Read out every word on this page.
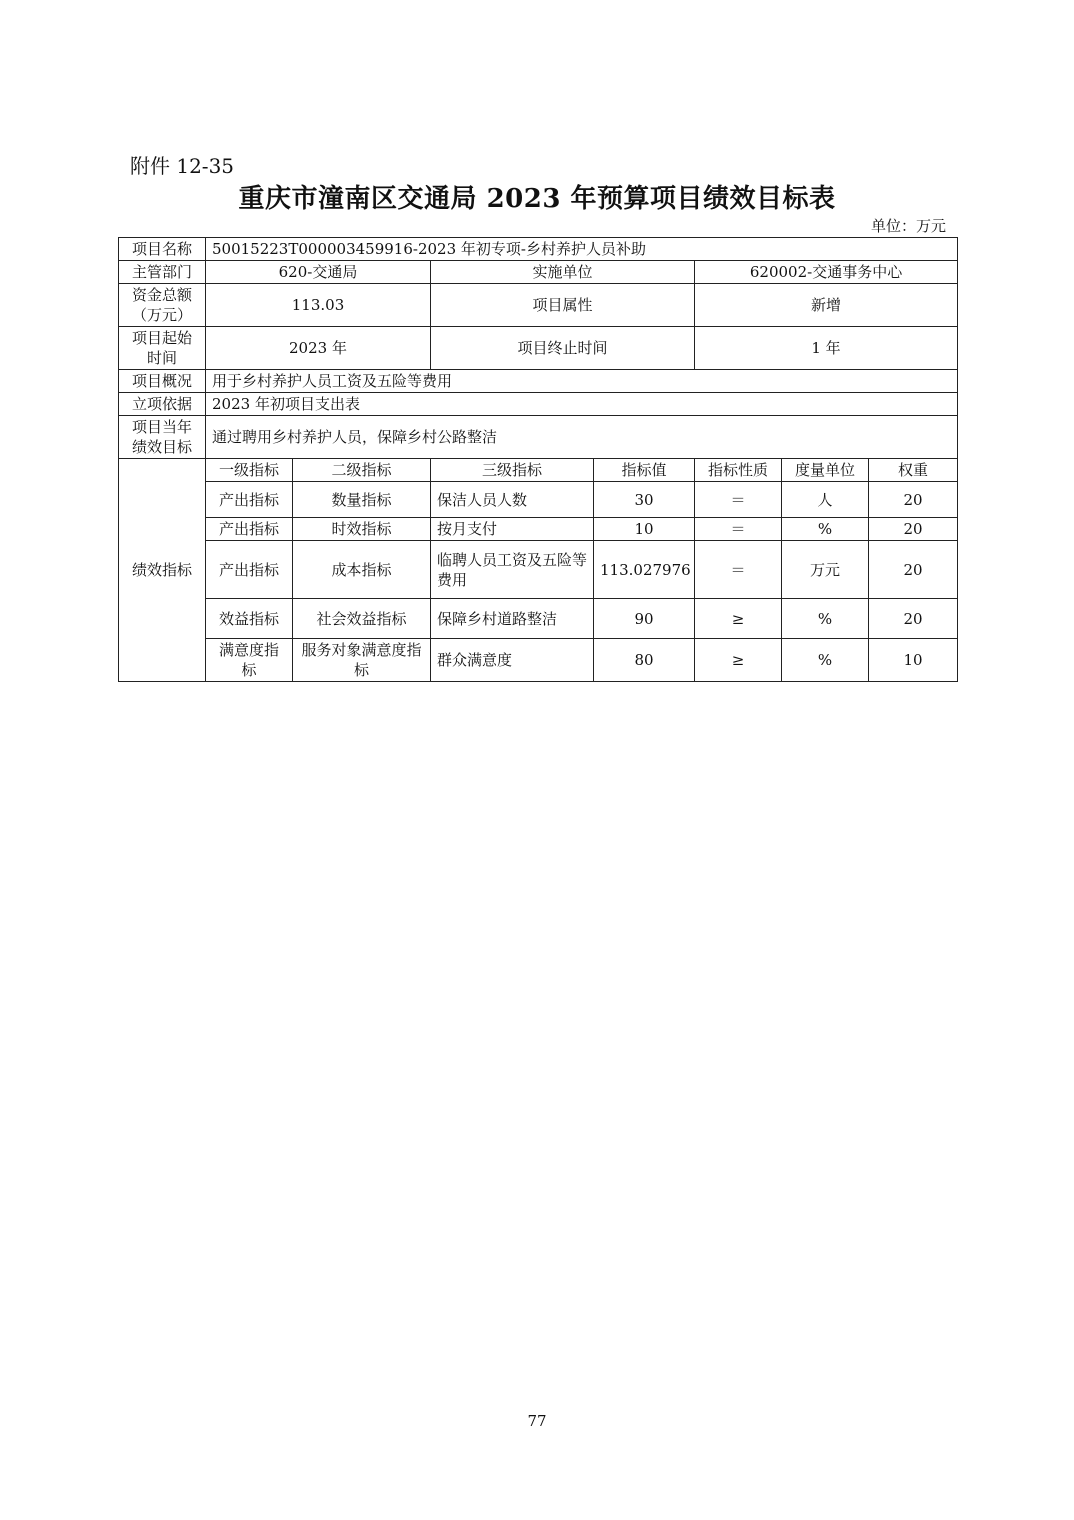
附件 12-35
重庆市潼南区交通局 2023 年预算项目绩效目标表
单位：万元
项目名称	50015223T000003459916-2023 年初专项-乡村养护人员补助						
主管部门	620-交通局		实施单位		620002-交通事务中心		
资金总额（万元）	113.03		项目属性		新增		
项目起始时间	2023 年		项目终止时间		1 年		
项目概况	用于乡村养护人员工资及五险等费用						
立项依据	2023 年初项目支出表						
项目当年绩效目标	通过聘用乡村养护人员，保障乡村公路整洁						
绩效指标	一级指标	二级指标	三级指标	指标值	指标性质	度量单位	权重
	产出指标	数量指标	保洁人员人数	30	＝	人	20
	产出指标	时效指标	按月支付	10	＝	%	20
	产出指标	成本指标	临聘人员工资及五险等费用	113.027976	＝	万元	20
	效益指标	社会效益指标	保障乡村道路整洁	90	≥	%	20
	满意度指标	服务对象满意度指标	群众满意度	80	≥	%	10
77
